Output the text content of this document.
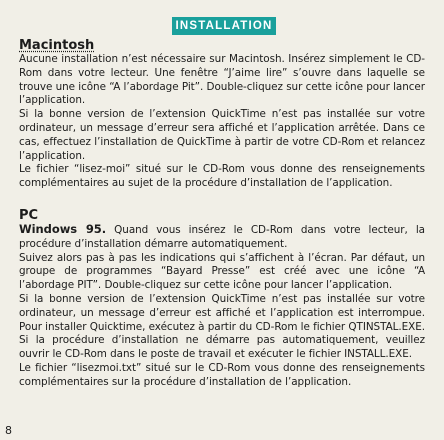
INSTALLATION
Macintosh

Aucune installation n’est nécessaire sur Macintosh. Insérez simplement le CD-Rom dans votre lecteur. Une fenêtre “J’aime lire” s’ouvre dans laquelle se trouve une icône “A l’abordage Pit”. Double-cliquez sur cette icône pour lancer l’application.

Si la bonne version de l’extension QuickTime n’est pas installée sur votre ordinateur, un message d’erreur sera affiché et l’application arrêtée. Dans ce cas, effectuez l’installation de QuickTime à partir de votre CD-Rom et relancez l’application.

Le fichier “lisez-moi” situé sur le CD-Rom vous donne des renseignements complémentaires au sujet de la procédure d’installation de l’application.

PC

Windows 95. Quand vous insérez le CD-Rom dans votre lecteur, la procédure d’installation démarre automatiquement.

Suivez alors pas à pas les indications qui s’affichent à l’écran. Par défaut, un groupe de programmes “Bayard Presse” est créé avec une icône “A l’abordage PIT”. Double-cliquez sur cette icône pour lancer l’application.

Si la bonne version de l’extension QuickTime n’est pas installée sur votre ordinateur, un message d’erreur est affiché et l’application est interrompue. Pour installer Quicktime, exécutez à partir du CD-Rom le fichier QTINSTAL.EXE. Si la procédure d’installation ne démarre pas automatiquement, veuillez ouvrir le CD-Rom dans le poste de travail et exécuter le fichier INSTALL.EXE.

Le fichier “lisezmoi.txt” situé sur le CD-Rom vous donne des renseignements complémentaires sur la procédure d’installation de l’application.

8
